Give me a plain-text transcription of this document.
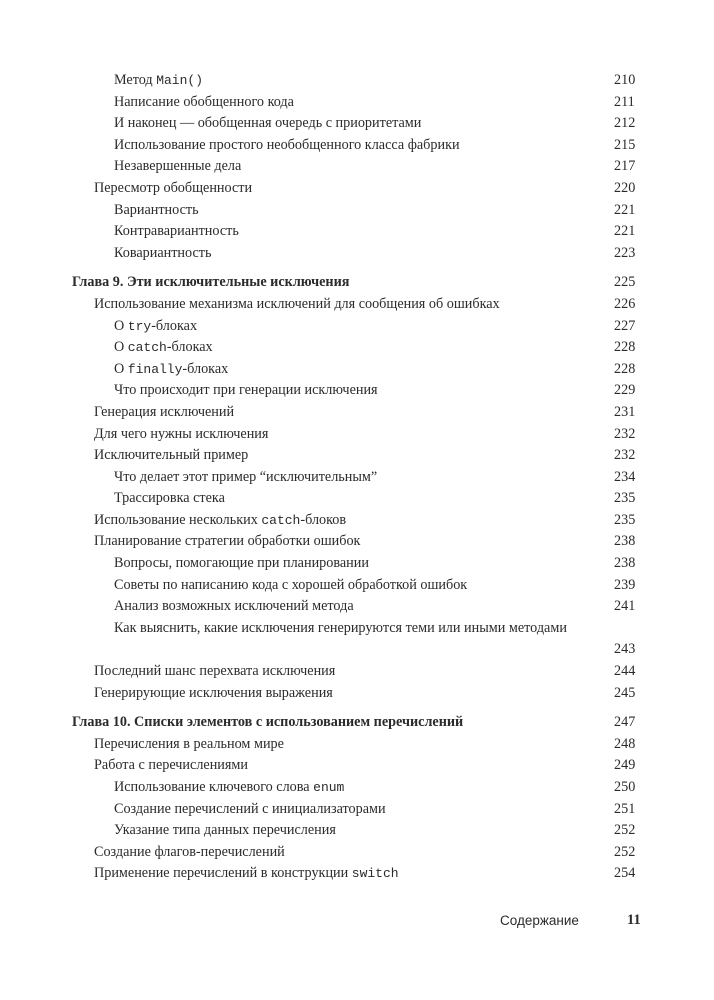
Метод Main()	210
Написание обобщенного кода	211
И наконец — обобщенная очередь с приоритетами	212
Использование простого необобщенного класса фабрики	215
Незавершенные дела	217
Пересмотр обобщенности	220
Вариантность	221
Контравариантность	221
Ковариантность	223
Глава 9. Эти исключительные исключения	225
Использование механизма исключений для сообщения об ошибках	226
О try-блоках	227
О catch-блоках	228
О finally-блоках	228
Что происходит при генерации исключения	229
Генерация исключений	231
Для чего нужны исключения	232
Исключительный пример	232
Что делает этот пример “исключительным”	234
Трассировка стека	235
Использование нескольких catch-блоков	235
Планирование стратегии обработки ошибок	238
Вопросы, помогающие при планировании	238
Советы по написанию кода с хорошей обработкой ошибок	239
Анализ возможных исключений метода	241
Как выяснить, какие исключения генерируются теми или иными методами
243
Последний шанс перехвата исключения	244
Генерирующие исключения выражения	245
Глава 10. Списки элементов с использованием перечислений	247
Перечисления в реальном мире	248
Работа с перечислениями	249
Использование ключевого слова enum	250
Создание перечислений с инициализаторами	251
Указание типа данных перечисления	252
Создание флагов-перечислений	252
Применение перечислений в конструкции switch	254
Содержание	11
